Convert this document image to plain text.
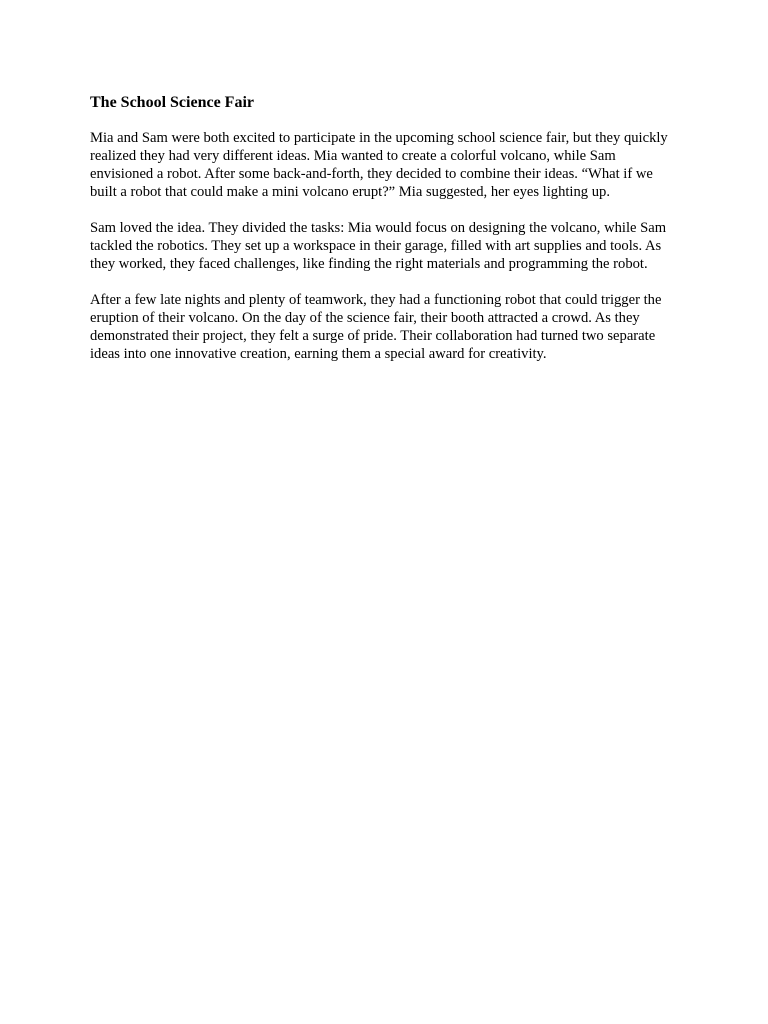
The School Science Fair

Mia and Sam were both excited to participate in the upcoming school science fair, but they quickly realized they had very different ideas. Mia wanted to create a colorful volcano, while Sam envisioned a robot. After some back-and-forth, they decided to combine their ideas. “What if we built a robot that could make a mini volcano erupt?” Mia suggested, her eyes lighting up.

Sam loved the idea. They divided the tasks: Mia would focus on designing the volcano, while Sam tackled the robotics. They set up a workspace in their garage, filled with art supplies and tools. As they worked, they faced challenges, like finding the right materials and programming the robot.

After a few late nights and plenty of teamwork, they had a functioning robot that could trigger the eruption of their volcano. On the day of the science fair, their booth attracted a crowd. As they demonstrated their project, they felt a surge of pride. Their collaboration had turned two separate ideas into one innovative creation, earning them a special award for creativity.
